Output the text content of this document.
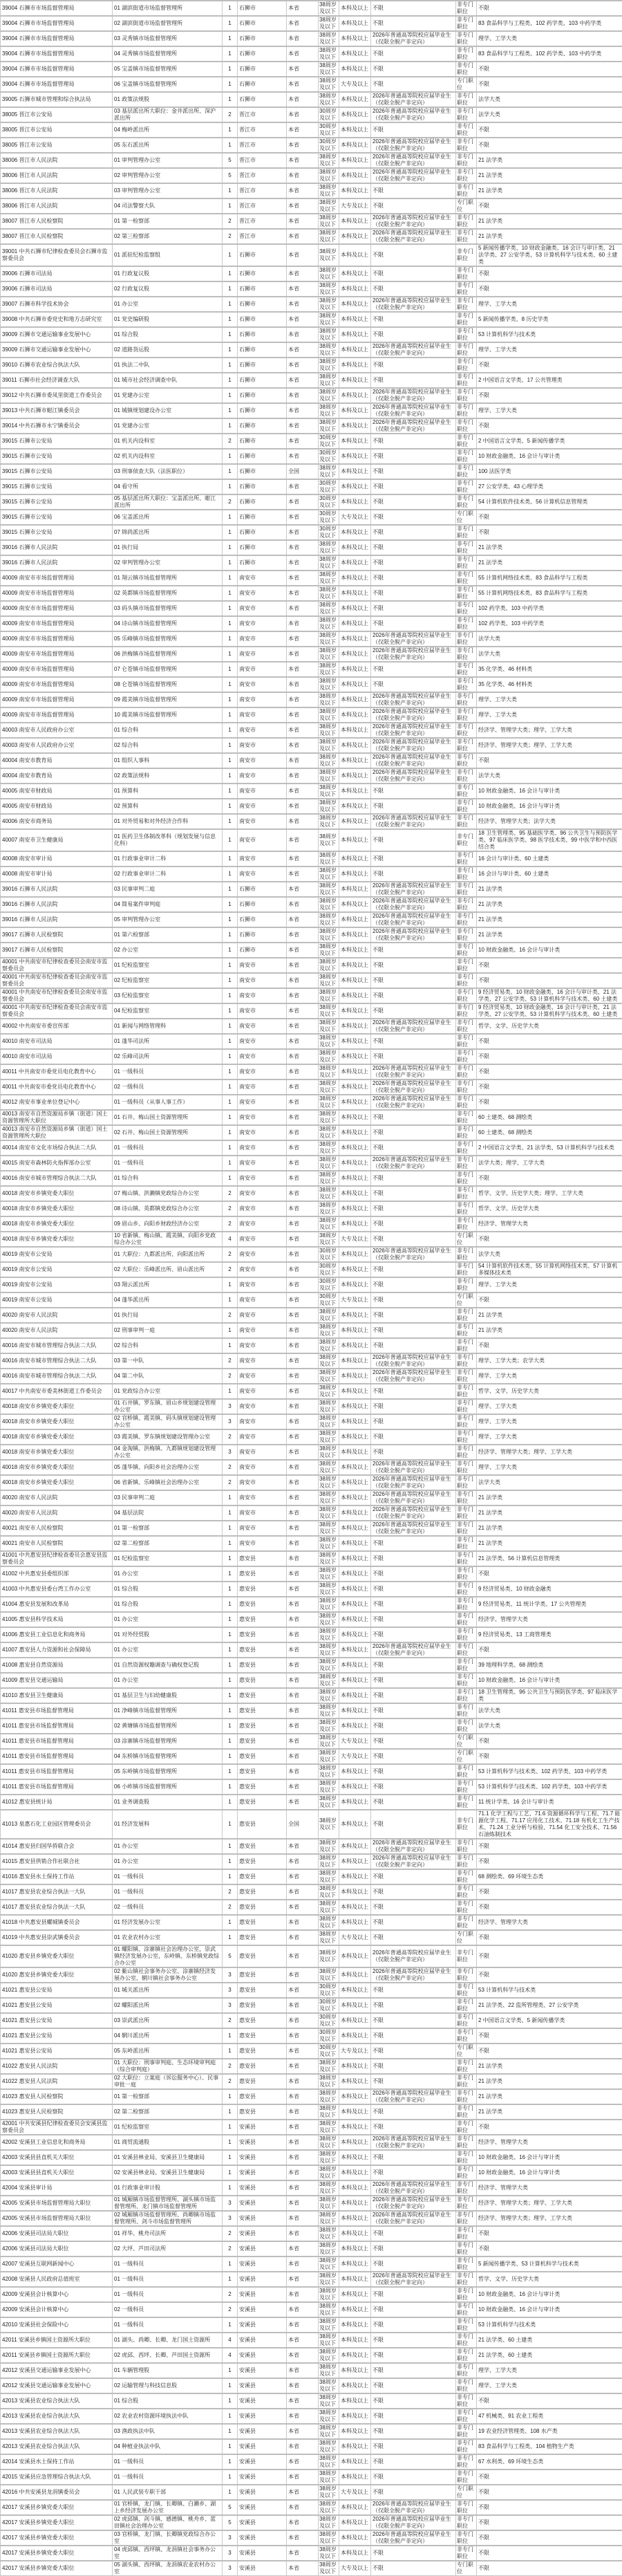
39004 石狮市市场监督管理局	01 湖滨街道市场监督管理所	1	石狮市	本省	38周岁及以下	本科及以上	不限	非专门职位	不限
39004 石狮市市场监督管理局	02 湖滨街道市场监督管理所	1	石狮市	本省	38周岁及以下	本科及以上	不限	非专门职位	83 食品科学与工程类、102 药学类、103 中药学类
39004 石狮市市场监督管理局	03 灵秀镇市场监督管理所	1	石狮市	本省	38周岁及以下	本科及以上	2026年普通高等院校应届毕业生（仅限全脱产非定向）	非专门职位	理学、工学大类
39004 石狮市市场监督管理局	04 灵秀镇市场监督管理所	1	石狮市	本省	38周岁及以下	本科及以上	不限	非专门职位	83 食品科学与工程类、102 药学类、103 中药学类
39004 石狮市市场监督管理局	05 宝盖镇市场监督管理所	1	石狮市	本省	38周岁及以下	本科及以上	不限	非专门职位	不限
39004 石狮市市场监督管理局	06 宝盖镇市场监督管理所	1	石狮市	本省	38周岁及以下	大专及以上	不限	专门职位	不限
39005 石狮市城市管理和综合执法局	01 政策法规股	1	石狮市	本省	38周岁及以下	本科及以上	2026年普通高等院校应届毕业生（仅限全脱产非定向）	非专门职位	法学大类
38005 晋江市公安局	03 基层派出所大职位：金井派出所、深沪派出所	2	晋江市	本省	30周岁及以下	本科及以上	2026年普通高等院校应届毕业生（仅限全脱产非定向）	非专门职位	法学大类
38005 晋江市公安局	04 梅岭派出所	1	晋江市	本省	30周岁及以下	本科及以上	不限	非专门职位	不限
38005 晋江市公安局	05 东石派出所	1	晋江市	本省	30周岁及以下	本科及以上	2026年普通高等院校应届毕业生（仅限全脱产非定向）	非专门职位	不限
38006 晋江市人民法院	01 审判管理办公室	5	晋江市	本省	38周岁及以下	本科及以上	2026年普通高等院校应届毕业生（仅限全脱产非定向）	非专门职位	21 法学类
38006 晋江市人民法院	02 审判管理办公室	5	晋江市	本省	38周岁及以下	本科及以上	2026年普通高等院校应届毕业生（仅限全脱产非定向）	非专门职位	21 法学类
38006 晋江市人民法院	03 审判管理办公室	1	晋江市	本省	38周岁及以下	本科及以上	不限	非专门职位	21 法学类
38006 晋江市人民法院	04 司法警察大队	1	晋江市	本省	38周岁及以下	大专及以上	不限	专门职位	不限
38007 晋江市人民检察院	01 第一检察部	2	晋江市	本省	38周岁及以下	本科及以上	2026年普通高等院校应届毕业生（仅限全脱产非定向）	非专门职位	21 法学类
38007 晋江市人民检察院	02 第三检察部	2	晋江市	本省	38周岁及以下	本科及以上	2026年普通高等院校应届毕业生（仅限全脱产非定向）	非专门职位	21 法学类
39001 中共石狮市纪律检查委员会石狮市监察委员会	01 派驻纪检监察组	1	石狮市	本省	38周岁及以下	本科及以上	不限	非专门职位	5 新闻传播学类、10 财政金融类、16 会计与审计类、21 法学类、27 公安学类、53 计算机科学与技术类、60 土建类
39006 石狮市司法局	01 行政复议股	1	石狮市	本省	38周岁及以下	本科及以上	不限	非专门职位	不限
39006 石狮市司法局	02 行政复议股	1	石狮市	本省	38周岁及以下	本科及以上	不限	非专门职位	不限
39007 石狮市科学技术协会	01 办公室	1	石狮市	本省	38周岁及以下	本科及以上	2026年普通高等院校应届毕业生（仅限全脱产非定向）	非专门职位	理学、工学大类
39008 中共石狮市委党史和地方志研究室	01 党史编研股	1	石狮市	本省	38周岁及以下	本科及以上	不限	非专门职位	5 新闻传播学类、8 历史学类
39009 石狮市交通运输事业发展中心	01 综合股	1	石狮市	本省	38周岁及以下	本科及以上	不限	非专门职位	53 计算机科学与技术类
39009 石狮市交通运输事业发展中心	02 道路货运股	1	石狮市	本省	38周岁及以下	本科及以上	2026年普通高等院校应届毕业生（仅限全脱产非定向）	非专门职位	理学、工学大类
39010 石狮市农业综合执法大队	01 执法二中队	1	石狮市	本省	38周岁及以下	本科及以上	不限	非专门职位	不限
39011 石狮市社会经济调查大队	01 城市社会经济调查中队	1	石狮市	本省	38周岁及以下	本科及以上	不限	非专门职位	2 中国语言文学类、17 公共管理类
39012 中共石狮市委凤里街道工作委员会	01 党建办公室	1	石狮市	本省	38周岁及以下	本科及以上	2026年普通高等院校应届毕业生（仅限全脱产非定向）	非专门职位	不限
39013 中共石狮市蚶江镇委员会	01 城镇规划建设办公室	1	石狮市	本省	38周岁及以下	本科及以上	2026年普通高等院校应届毕业生（仅限全脱产非定向）	非专门职位	理学、工学大类
39014 中共石狮市永宁镇委员会	01 党建办公室	1	石狮市	本省	38周岁及以下	本科及以上	2026年普通高等院校应届毕业生（仅限全脱产非定向）	非专门职位	不限
39015 石狮市公安局	01 机关内设科室	2	石狮市	本省	30周岁及以下	本科及以上	不限	非专门职位	2 中国语言文学类、5 新闻传播学类
39015 石狮市公安局	02 机关内设科室	1	石狮市	本省	30周岁及以下	本科及以上	不限	非专门职位	10 财政金融类、16 会计与审计类
39015 石狮市公安局	03 刑事侦查大队（法医职位）	1	石狮市	全国	38周岁及以下	本科及以上	不限	非专门职位	100 法医学类
39015 石狮市公安局	04 看守所	1	石狮市	本省	30周岁及以下	本科及以上	不限	非专门职位	27 公安学类、43 心理学类
39015 石狮市公安局	05 基层派出所大职位：宝盖派出所、蚶江派出所	2	石狮市	本省	30周岁及以下	本科及以上	不限	非专门职位	54 计算机软件技术类、56 计算机信息管理类
39015 石狮市公安局	06 宝盖派出所	1	石狮市	本省	30周岁及以下	大专及以上	不限	专门职位	不限
39015 石狮市公安局	07 锦尚派出所	1	石狮市	本省	30周岁及以下	本科及以上	不限	非专门职位	不限
39016 石狮市人民法院	01 执行局	1	石狮市	本省	38周岁及以下	本科及以上	不限	非专门职位	21 法学类
39016 石狮市人民法院	02 审判管理办公室	1	石狮市	本省	38周岁及以下	本科及以上	不限	非专门职位	21 法学类
40009 南安市市场监督管理局	01 翔云镇市场监督管理所	1	南安市	本省	38周岁及以下	本科及以上	不限	非专门职位	55 计算机网络技术类、83 食品科学与工程类
40009 南安市市场监督管理局	02 英都镇市场监督管理所	1	南安市	本省	38周岁及以下	本科及以上	不限	非专门职位	55 计算机网络技术类、83 食品科学与工程类
40009 南安市市场监督管理局	03 码头镇市场监督管理所	1	南安市	本省	38周岁及以下	本科及以上	不限	非专门职位	102 药学类、103 中药学类
40009 南安市市场监督管理局	04 诗山镇市场监督管理所	1	南安市	本省	38周岁及以下	本科及以上	不限	非专门职位	102 药学类、103 中药学类
40009 南安市市场监督管理局	05 乐峰镇市场监督管理所	1	南安市	本省	38周岁及以下	本科及以上	2026年普通高等院校应届毕业生（仅限全脱产非定向）	非专门职位	法学大类
40009 南安市市场监督管理局	06 洪梅镇市场监督管理所	1	南安市	本省	38周岁及以下	本科及以上	2026年普通高等院校应届毕业生（仅限全脱产非定向）	非专门职位	法学大类
40009 南安市市场监督管理局	07 仑苍镇市场监督管理所	1	南安市	本省	38周岁及以下	本科及以上	不限	非专门职位	35 化学类、46 材料类
40009 南安市市场监督管理局	08 仑苍镇市场监督管理所	1	南安市	本省	38周岁及以下	本科及以上	不限	非专门职位	35 化学类、46 材料类
40009 南安市市场监督管理局	09 霞美镇市场监督管理所	1	南安市	本省	38周岁及以下	本科及以上	2026年普通高等院校应届毕业生（仅限全脱产非定向）	非专门职位	理学、工学大类
40009 南安市市场监督管理局	10 霞美镇市场监督管理所	1	南安市	本省	38周岁及以下	本科及以上	2026年普通高等院校应届毕业生（仅限全脱产非定向）	非专门职位	理学、工学大类
40003 南安市人民政府办公室	01 综合科	1	南安市	本省	38周岁及以下	本科及以上	2026年普通高等院校应届毕业生（仅限全脱产非定向）	非专门职位	经济学、管理学大类；理学、工学大类
40003 南安市人民政府办公室	02 综合科	1	南安市	本省	38周岁及以下	本科及以上	2026年普通高等院校应届毕业生（仅限全脱产非定向）	非专门职位	经济学、管理学大类；理学、工学大类
40004 南安市教育局	01 组织人事科	1	南安市	本省	38周岁及以下	本科及以上	2026年普通高等院校应届毕业生（仅限全脱产非定向）	非专门职位	不限
40004 南安市教育局	02 政策法规科	1	南安市	本省	38周岁及以下	本科及以上	2026年普通高等院校应届毕业生（仅限全脱产非定向）	非专门职位	法学大类
40005 南安市财政局	01 预算科	1	南安市	本省	38周岁及以下	本科及以上	不限	非专门职位	10 财政金融类、16 会计与审计类
40005 南安市财政局	02 预算科	1	南安市	本省	38周岁及以下	本科及以上	不限	非专门职位	10 财政金融类、16 会计与审计类
40006 南安市商务局	01 对外贸易和对外经济合作科	1	南安市	本省	38周岁及以下	本科及以上	2026年普通高等院校应届毕业生（仅限全脱产非定向）	非专门职位	经济学、管理学大类；法学大类
40007 南安市卫生健康局	01 医药卫生体制改革科（规划发展与信息化科）	1	南安市	本省	38周岁及以下	本科及以上	不限	非专门职位	18 卫生管理类、95 基础医学类、96 公共卫生与预防医学类、97 临床医学类、98 医学技术类、99 中医学和中西医结合类
40008 南安市审计局	01 行政事业审计二科	1	南安市	本省	38周岁及以下	本科及以上	不限	非专门职位	16 会计与审计类、60 土建类
40008 南安市审计局	02 行政事业审计二科	1	南安市	本省	38周岁及以下	本科及以上	不限	非专门职位	16 会计与审计类、60 土建类
39016 石狮市人民法院	03 民事审判二庭	1	石狮市	本省	38周岁及以下	本科及以上	2026年普通高等院校应届毕业生（仅限全脱产非定向）	非专门职位	21 法学类
39016 石狮市人民法院	04 简易案件审判庭	1	石狮市	本省	38周岁及以下	本科及以上	2026年普通高等院校应届毕业生（仅限全脱产非定向）	非专门职位	21 法学类
39016 石狮市人民法院	05 审判管理办公室	1	石狮市	本省	38周岁及以下	本科及以上	2026年普通高等院校应届毕业生（仅限全脱产非定向）	非专门职位	21 法学类
39017 石狮市人民检察院	01 第六检察部	1	石狮市	本省	38周岁及以下	本科及以上	2026年普通高等院校应届毕业生（仅限全脱产非定向）	非专门职位	21 法学类
39017 石狮市人民检察院	02 办公室	1	石狮市	本省	38周岁及以下	本科及以上	不限	非专门职位	10 财政金融类、16 会计与审计类
40001 中共南安市纪律检查委员会南安市监察委员会	01 纪检监察室	1	南安市	本省	38周岁及以下	本科及以上	不限	非专门职位	不限
40001 中共南安市纪律检查委员会南安市监察委员会	02 纪检监察室	1	南安市	本省	38周岁及以下	本科及以上	不限	非专门职位	不限
40001 中共南安市纪律检查委员会南安市监察委员会	03 纪检监察室	1	南安市	本省	38周岁及以下	本科及以上	不限	非专门职位	9 经济贸易类、10 财政金融类、16 会计与审计类、21 法学类、27 公安学类、53 计算机科学与技术类、60 土建类
40001 中共南安市纪律检查委员会南安市监察委员会	04 纪检监察室	1	南安市	本省	38周岁及以下	本科及以上	不限	非专门职位	9 经济贸易类、10 财政金融类、16 会计与审计类、21 法学类、27 公安学类、53 计算机科学与技术类、60 土建类
40002 中共南安市委宣传部	01 新闻与网络管理科	1	南安市	本省	38周岁及以下	本科及以上	2026年普通高等院校应届毕业生（仅限全脱产非定向）	非专门职位	哲学、文学、历史学大类
40010 南安市司法局	01 蓬华司法所	1	南安市	本省	38周岁及以下	本科及以上	不限	非专门职位	不限
40010 南安市司法局	02 乐峰司法所	1	南安市	本省	38周岁及以下	本科及以上	不限	非专门职位	不限
40011 中共南安市委党员电化教育中心	01 一级科员	1	南安市	本省	38周岁及以下	本科及以上	2026年普通高等院校应届毕业生（仅限全脱产非定向）	非专门职位	不限
40011 中共南安市委党员电化教育中心	02 一级科员	1	南安市	本省	38周岁及以下	本科及以上	2026年普通高等院校应届毕业生（仅限全脱产非定向）	非专门职位	不限
40012 南安市事业单位登记中心	01 一级科员（从事人事工作）	1	南安市	本省	38周岁及以下	本科及以上	2026年普通高等院校应届毕业生（仅限全脱产非定向）	非专门职位	不限
40013 南安市自然资源局乡镇（街道）国土资源管理所大职位	01 石井、梅山国土资源管理所	1	南安市	本省	38周岁及以下	本科及以上	不限	非专门职位	60 土建类、68 测绘类
40013 南安市自然资源局乡镇（街道）国土资源管理所大职位	02 石井、梅山国土资源管理所	1	南安市	本省	38周岁及以下	本科及以上	不限	非专门职位	60 土建类、68 测绘类
40014 南安市文化市场综合执法二大队	01 一级科员	1	南安市	本省	38周岁及以下	本科及以上	不限	非专门职位	2 中国语言文学类、21 法学类、53 计算机科学与技术类
40015 南安市森林防火指挥部办公室	01 一级科员	1	南安市	本省	38周岁及以下	本科及以上	2026年普通高等院校应届毕业生（仅限全脱产非定向）	非专门职位	法学大类；理学、工学大类
40016 南安市城市管理综合执法二大队	01 综合科	1	南安市	本省	38周岁及以下	本科及以上	不限	非专门职位	不限
40018 南安市乡镇党委大职位	07 梅山镇、洪濑镇党政综合办公室	2	南安市	本省	38周岁及以下	本科及以上	不限	非专门职位	哲学、文学、历史学大类；理学、工学大类
40018 南安市乡镇党委大职位	08 诗山镇、英都镇党政综合办公室	2	南安市	本省	38周岁及以下	本科及以上	不限	非专门职位	哲学、文学、历史学大类
40018 南安市乡镇党委大职位	09 眉山乡、向阳乡财政经济办公室	2	南安市	本省	38周岁及以下	本科及以上	不限	非专门职位	经济学、管理学大类
40018 南安市乡镇党委大职位	10 省新镇、梅山镇、霞美镇、向阳乡党政综合办公室	4	南安市	本省	38周岁及以下	大专及以上	不限	专门职位	不限
40019 南安市公安局	01 大职位：九都派出所、向阳派出所	2	南安市	本省	30周岁及以下	本科及以上	2026年普通高等院校应届毕业生（仅限全脱产非定向）	非专门职位	法学大类
40019 南安市公安局	02 大职位：乐峰派出所、眉山派出所	2	南安市	本省	30周岁及以下	本科及以上	不限	非专门职位	54 计算机软件技术类、55 计算机网络技术类、57 计算机多媒体技术类
40019 南安市公安局	03 翔云派出所	1	南安市	本省	30周岁及以下	本科及以上	不限	非专门职位	理学、工学大类
40019 南安市公安局	04 蓬华派出所	1	南安市	本省	30周岁及以下	大专及以上	不限	专门职位	不限
40020 南安市人民法院	01 执行局	2	南安市	本省	38周岁及以下	本科及以上	不限	非专门职位	21 法学类
40020 南安市人民法院	02 刑事审判一庭	1	南安市	本省	38周岁及以下	本科及以上	不限	非专门职位	21 法学类
40016 南安市城市管理综合执法二大队	02 综合科	1	南安市	本省	38周岁及以下	本科及以上	不限	非专门职位	不限
40016 南安市城市管理综合执法二大队	03 第一中队	2	南安市	本省	38周岁及以下	本科及以上	2026年普通高等院校应届毕业生（仅限全脱产非定向）	非专门职位	理学、工学大类；农学大类
40016 南安市城市管理综合执法二大队	04 第二中队	2	南安市	本省	38周岁及以下	本科及以上	2026年普通高等院校应届毕业生（仅限全脱产非定向）	非专门职位	理学、工学大类
40017 中共南安市委美林街道工作委员会	01 党政综合办公室	1	南安市	本省	38周岁及以下	本科及以上	不限	非专门职位	哲学、文学、历史学大类
40018 南安市乡镇党委大职位	01 石井镇、罗东镇、眉山乡规划建设管理办公室	3	南安市	本省	38周岁及以下	本科及以上	不限	非专门职位	理学、工学大类
40018 南安市乡镇党委大职位	02 官桥镇、霞美镇、码头镇规划建设管理办公室	3	南安市	本省	38周岁及以下	本科及以上	不限	非专门职位	理学、工学大类
40018 南安市乡镇党委大职位	03 霞美镇、罗东镇规划建设管理办公室	2	南安市	本省	38周岁及以下	本科及以上	不限	非专门职位	理学、工学大类
40018 南安市乡镇党委大职位	04 金淘镇、洪梅镇、九都镇规划建设管理办公室	3	南安市	本省	38周岁及以下	本科及以上	不限	非专门职位	经济学、管理学大类；理学、工学大类
40018 南安市乡镇党委大职位	05 蓬华镇、向阳乡社会治理办公室	2	南安市	本省	38周岁及以下	本科及以上	2026年普通高等院校应届毕业生（仅限全脱产非定向）	非专门职位	理学、工学大类
40018 南安市乡镇党委大职位	06 省新镇、乐峰镇社会治理办公室	2	南安市	本省	38周岁及以下	本科及以上	2026年普通高等院校应届毕业生（仅限全脱产非定向）	非专门职位	法学大类
40020 南安市人民法院	03 民事审判二庭	1	南安市	本省	38周岁及以下	本科及以上	2026年普通高等院校应届毕业生（仅限全脱产非定向）	非专门职位	21 法学类
40020 南安市人民法院	04 基层法院	1	南安市	本省	38周岁及以下	本科及以上	2026年普通高等院校应届毕业生（仅限全脱产非定向）	非专门职位	21 法学类
40021 南安市人民检察院	01 第一检察部	1	南安市	本省	38周岁及以下	本科及以上	2026年普通高等院校应届毕业生（仅限全脱产非定向）	非专门职位	21 法学类
40021 南安市人民检察院	02 第二检察部	1	南安市	本省	38周岁及以下	本科及以上	不限	非专门职位	21 法学类
41001 中共惠安县纪律检查委员会惠安县监察委员会	01 纪检监察室	1	惠安县	本省	38周岁及以下	本科及以上	不限	非专门职位	21 法学类、56 计算机信息管理类
41002 中共惠安县委组织部	01 办公室	1	惠安县	本省	38周岁及以下	本科及以上	不限	非专门职位	不限
41003 中共惠安县委台湾工作办公室	01 综合股	1	惠安县	本省	38周岁及以下	本科及以上	不限	非专门职位	9 经济贸易类、10 财政金融类
41004 惠安县发展和改革局	01 综合股	1	惠安县	本省	38周岁及以下	本科及以上	不限	非专门职位	9 经济贸易类、11 统计学类、17 公共管理类
41005 惠安县科学技术局	01 办公室	1	惠安县	本省	38周岁及以下	本科及以上	不限	非专门职位	经济学、管理学大类
41006 惠安县工业信息化和商务局	01 对外经贸股	1	惠安县	本省	38周岁及以下	本科及以上	不限	非专门职位	9 经济贸易类、13 工商管理类
41007 惠安县人力资源和社会保障局	01 办公室	1	惠安县	本省	38周岁及以下	本科及以上	2026年普通高等院校应届毕业生（仅限全脱产非定向）	非专门职位	不限
41008 惠安县自然资源局	01 自然资源权籍调查与确权登记股	1	惠安县	本省	38周岁及以下	本科及以上	不限	非专门职位	39 地理科学类、68 测绘类
41009 惠安县交通运输局	01 办公室	1	惠安县	本省	38周岁及以下	本科及以上	不限	非专门职位	10 财政金融类、16 会计与审计类
41010 惠安县卫生健康局	01 基层卫生与妇幼健康股	1	惠安县	本省	38周岁及以下	本科及以上	不限	非专门职位	18 卫生管理类、96 公共卫生与预防医学类、97 临床医学类
41011 惠安县市场监督管理局	01 净峰镇市场监督管理所	1	惠安县	本省	38周岁及以下	本科及以上	不限	非专门职位	法学大类
41011 惠安县市场监督管理局	02 黄塘镇市场监督管理所	1	惠安县	本省	38周岁及以下	本科及以上	不限	非专门职位	法学大类
41011 惠安县市场监督管理局	03 涂寨镇市场监督管理所	1	惠安县	本省	38周岁及以下	大专及以上	不限	专门职位	不限
41011 惠安县市场监督管理局	04 东桥镇市场监督管理所	1	惠安县	本省	38周岁及以下	大专及以上	不限	专门职位	不限
41011 惠安县市场监督管理局	05 东岭镇市场监督管理所	1	惠安县	本省	38周岁及以下	本科及以上	不限	非专门职位	53 计算机科学与技术类、102 药学类、103 中药学类
41011 惠安县市场监督管理局	06 小岞镇市场监督管理所	1	惠安县	本省	38周岁及以下	本科及以上	不限	非专门职位	53 计算机科学与技术类、102 药学类、103 中药学类
41012 惠安县统计局	01 业务调查股	1	惠安县	本省	38周岁及以下	本科及以上	不限	非专门职位	11 统计学类、16 会计与审计类
41013 泉惠石化工业园区管理委员会	01 经济发展科	1	惠安县	全国	38周岁及以下	本科及以上	不限	非专门职位	71.1 化学工程与工艺、71.6 资源循环科学与工程、71.7 能源化学工程、71.17 应用化工技术、71.18 有机化工生产技术、71.24 工业分析与检验、71.54 化工安全技术、71.56 石油炼制技术
41014 惠安县归国华侨联合会	01 办公室	1	惠安县	本省	38周岁及以下	本科及以上	2026年普通高等院校应届毕业生（仅限全脱产非定向）	非专门职位	不限
41015 惠安县供销合作社联合社	01 办公室	1	惠安县	本省	38周岁及以下	本科及以上	2026年普通高等院校应届毕业生（仅限全脱产非定向）	非专门职位	不限
41016 惠安县水土保持工作站	01 一级科员	1	惠安县	本省	38周岁及以下	本科及以上	不限	非专门职位	68 测绘类、69 环境生态类
41017 惠安县农业综合执法一大队	01 一级科员	2	惠安县	本省	38周岁及以下	本科及以上	不限	非专门职位	不限
41017 惠安县农业综合执法一大队	02 一级科员	2	惠安县	本省	38周岁及以下	本科及以上	不限	非专门职位	不限
41018 中共惠安县螺城镇委员会	01 经济发展办公室	1	惠安县	本省	38周岁及以下	本科及以上	不限	非专门职位	经济学、管理学大类
41019 中共惠安县崇武镇委员会	01 农业农村办公室	1	惠安县	本省	38周岁及以下	大专及以上	不限	专门职位	不限
41020 惠安县乡镇党委大职位	01 螺阳镇、涂寨镇社会治理办公室，崇武镇经济发展办公室，东岭镇、东桥镇党政综合办公室	5	惠安县	本省	38周岁及以下	本科及以上	2026年普通高等院校应届毕业生（仅限全脱产非定向）	非专门职位	不限
41020 惠安县乡镇党委大职位	02 紫山镇社会事务办公室、涂寨镇经济发展办公室、辋川镇社会事务办公室	3	惠安县	本省	38周岁及以下	本科及以上	2026年普通高等院校应届毕业生（仅限全脱产非定向）	非专门职位	不限
41021 惠安县公安局	01 城关派出所	3	惠安县	本省	30周岁及以下	本科及以上	不限	非专门职位	53 计算机科学与技术类
41021 惠安县公安局	02 螺阳派出所	3	惠安县	本省	30周岁及以下	本科及以上	不限	非专门职位	21 法学类、22 监所管理类、27 公安学类
41021 惠安县公安局	03 崇武派出所	2	惠安县	本省	30周岁及以下	本科及以上	不限	非专门职位	2 中国语言文学类、5 新闻传播学类
41021 惠安县公安局	04 辋川派出所	1	惠安县	本省	30周岁及以下	本科及以上	不限	非专门职位	不限
41021 惠安县公安局	05 东岭派出所	1	惠安县	本省	30周岁及以下	大专及以上	不限	专门职位	不限
41022 惠安县人民法院	01 大职位：刑事审判庭、生态环境审判庭（综合审判庭）	2	惠安县	本省	38周岁及以下	本科及以上	不限	非专门职位	21 法学类
41022 惠安县人民法院	02 大职位：立案庭（诉讼服务中心）、民事审批一庭	2	惠安县	本省	38周岁及以下	本科及以上	不限	非专门职位	21 法学类
41023 惠安县人民检察院	01 第一检察部	1	惠安县	本省	38周岁及以下	本科及以上	2026年普通高等院校应届毕业生（仅限全脱产非定向）	非专门职位	21 法学类
41023 惠安县人民检察院	02 第二检察部	1	惠安县	本省	38周岁及以下	本科及以上	不限	非专门职位	21 法学类
42001 中共安溪县纪律检查委员会安溪县监察委员会	01 纪检监察室	1	安溪县	本省	38周岁及以下	本科及以上	不限	非专门职位	不限
42002 安溪县工业信息化和商务局	01 商贸流通股	1	安溪县	本省	38周岁及以下	本科及以上	2026年普通高等院校应届毕业生（仅限全脱产非定向）	非专门职位	经济学、管理学大类
42003 安溪县县直机关大职位	01 安溪县林业局、安溪县卫生健康局	1	安溪县	本省	38周岁及以下	本科及以上	不限	非专门职位	10 财政金融类、16 会计与审计类
42003 安溪县县直机关大职位	02 安溪县林业局、安溪县卫生健康局	1	安溪县	本省	38周岁及以下	本科及以上	不限	非专门职位	10 财政金融类、16 会计与审计类
42004 安溪县审计局	01 行政事业审计股	1	安溪县	本省	38周岁及以下	本科及以上	2026年普通高等院校应届毕业生（仅限全脱产非定向）	非专门职位	经济学、管理学大类
42005 安溪县市场监督管理局大职位	01 城厢镇市场监督管理所、湖头镇市场监督管理所、龙门镇市场监督管理所	3	安溪县	本省	38周岁及以下	本科及以上	2026年普通高等院校应届毕业生（仅限全脱产非定向）	非专门职位	经济学、管理学大类；理学、工学大类
42005 安溪县市场监督管理局大职位	02 城厢镇市场监督管理所、尚卿镇市场监督管理所、剑斗市场监督管理所	3	安溪县	本省	38周岁及以下	本科及以上	2026年普通高等院校应届毕业生（仅限全脱产非定向）	非专门职位	经济学、管理学大类；理学、工学大类
42006 安溪县司法局大职位	01 祥华、桃舟司法所	2	安溪县	本省	38周岁及以下	本科及以上	不限	非专门职位	不限
42006 安溪县司法局大职位	02 大坪、芦田司法所	2	安溪县	本省	38周岁及以下	本科及以上	不限	非专门职位	不限
42007 安溪县互联网新闻中心	01 一级科员	1	安溪县	本省	38周岁及以下	本科及以上	不限	非专门职位	5 新闻传播学类、53 计算机科学与技术类
42008 安溪县人民政府总值班室	01 一级科员	1	安溪县	本省	38周岁及以下	本科及以上	2026年普通高等院校应届毕业生（仅限全脱产非定向）	非专门职位	哲学、文学、历史学大类
42009 安溪县会计核算中心	01 一级科员	2	安溪县	本省	38周岁及以下	本科及以上	不限	非专门职位	10 财政金融类、16 会计与审计类
42009 安溪县会计核算中心	02 一级科员	2	安溪县	本省	38周岁及以下	本科及以上	不限	非专门职位	10 财政金融类、16 会计与审计类
42010 安溪县社会保险中心	01 一级科员	1	安溪县	本省	38周岁及以下	本科及以上	不限	非专门职位	53 计算机科学与技术类
42011 安溪县乡镇国土资源所大职位	01 湖头、尚卿、长卿、龙门国土资源所	4	安溪县	本省	38周岁及以下	本科及以上	不限	非专门职位	21 法学类、60 土建类
42011 安溪县乡镇国土资源所大职位	02 虎邱、西坪、长卿、芦田国土资源所	4	安溪县	本省	38周岁及以下	本科及以上	不限	非专门职位	21 法学类、60 土建类
42012 安溪县交通运输事业发展中心	01 车辆管理股	1	安溪县	本省	38周岁及以下	本科及以上	不限	非专门职位	理学、工学大类
42012 安溪县交通运输事业发展中心	02 运输管理与科技信息股	1	安溪县	本省	38周岁及以下	本科及以上	不限	非专门职位	理学、工学大类
42013 安溪县农业综合执法大队	01 综合股	1	安溪县	本省	38周岁及以下	本科及以上	不限	非专门职位	不限
42013 安溪县农业综合执法大队	02 农业农村资源环境执法中队	1	安溪县	本省	38周岁及以下	本科及以上	不限	非专门职位	47 机械类、91 农业工程类
42013 安溪县农业综合执法大队	03 渔政执法中队	1	安溪县	本省	38周岁及以下	本科及以上	不限	非专门职位	19 农业经济管理类、108 水产类
42013 安溪县农业综合执法大队	04 种植业执法中队	1	安溪县	本省	38周岁及以下	本科及以上	不限	非专门职位	83 食品科学与工程类、104 植物生产类
42014 安溪县水土保持工作站	01 一级科员	1	安溪县	本省	38周岁及以下	本科及以上	不限	非专门职位	67 水利类、69 环境生态类
42015 安溪县应急管理综合执法大队	01 一级科员	1	安溪县	本省	38周岁及以下	本科及以上	不限	非专门职位	不限
42016 中共安溪县龙涓镇委员会	01 人民武装专职干部	1	安溪县	本省	38周岁及以下	大专及以上	不限	专门职位	不限
42017 安溪县乡镇党委大职位	01 官桥镇、龙门镇、长卿镇、白濑乡、湖上乡经济发展办公室	5	安溪县	本省	38周岁及以下	本科及以上	2026年普通高等院校应届毕业生（仅限全脱产非定向）	非专门职位	不限
42017 安溪县乡镇党委大职位	02 虎邱镇、剑斗镇、感德镇、桃舟乡、蓝田镇社会治理办公室	5	安溪县	本省	38周岁及以下	本科及以上	2026年普通高等院校应届毕业生（仅限全脱产非定向）	非专门职位	不限
42017 安溪县乡镇党委大职位	03 官桥镇、龙门镇、长卿镇党政综合办公室	3	安溪县	本省	38周岁及以下	本科及以上	2026年普通高等院校应届毕业生（仅限全脱产非定向）	非专门职位	不限
42017 安溪县乡镇党委大职位	04 虎邱镇、西坪镇、龙涓镇社会事务办公室	3	安溪县	本省	38周岁及以下	本科及以上	不限	非专门职位	不限
42017 安溪县乡镇党委大职位	05 湖头镇、西坪镇、龙涓镇农业农村办公室	3	安溪县	本省	38周岁及以下	大专及以上	不限	专门职位	不限
